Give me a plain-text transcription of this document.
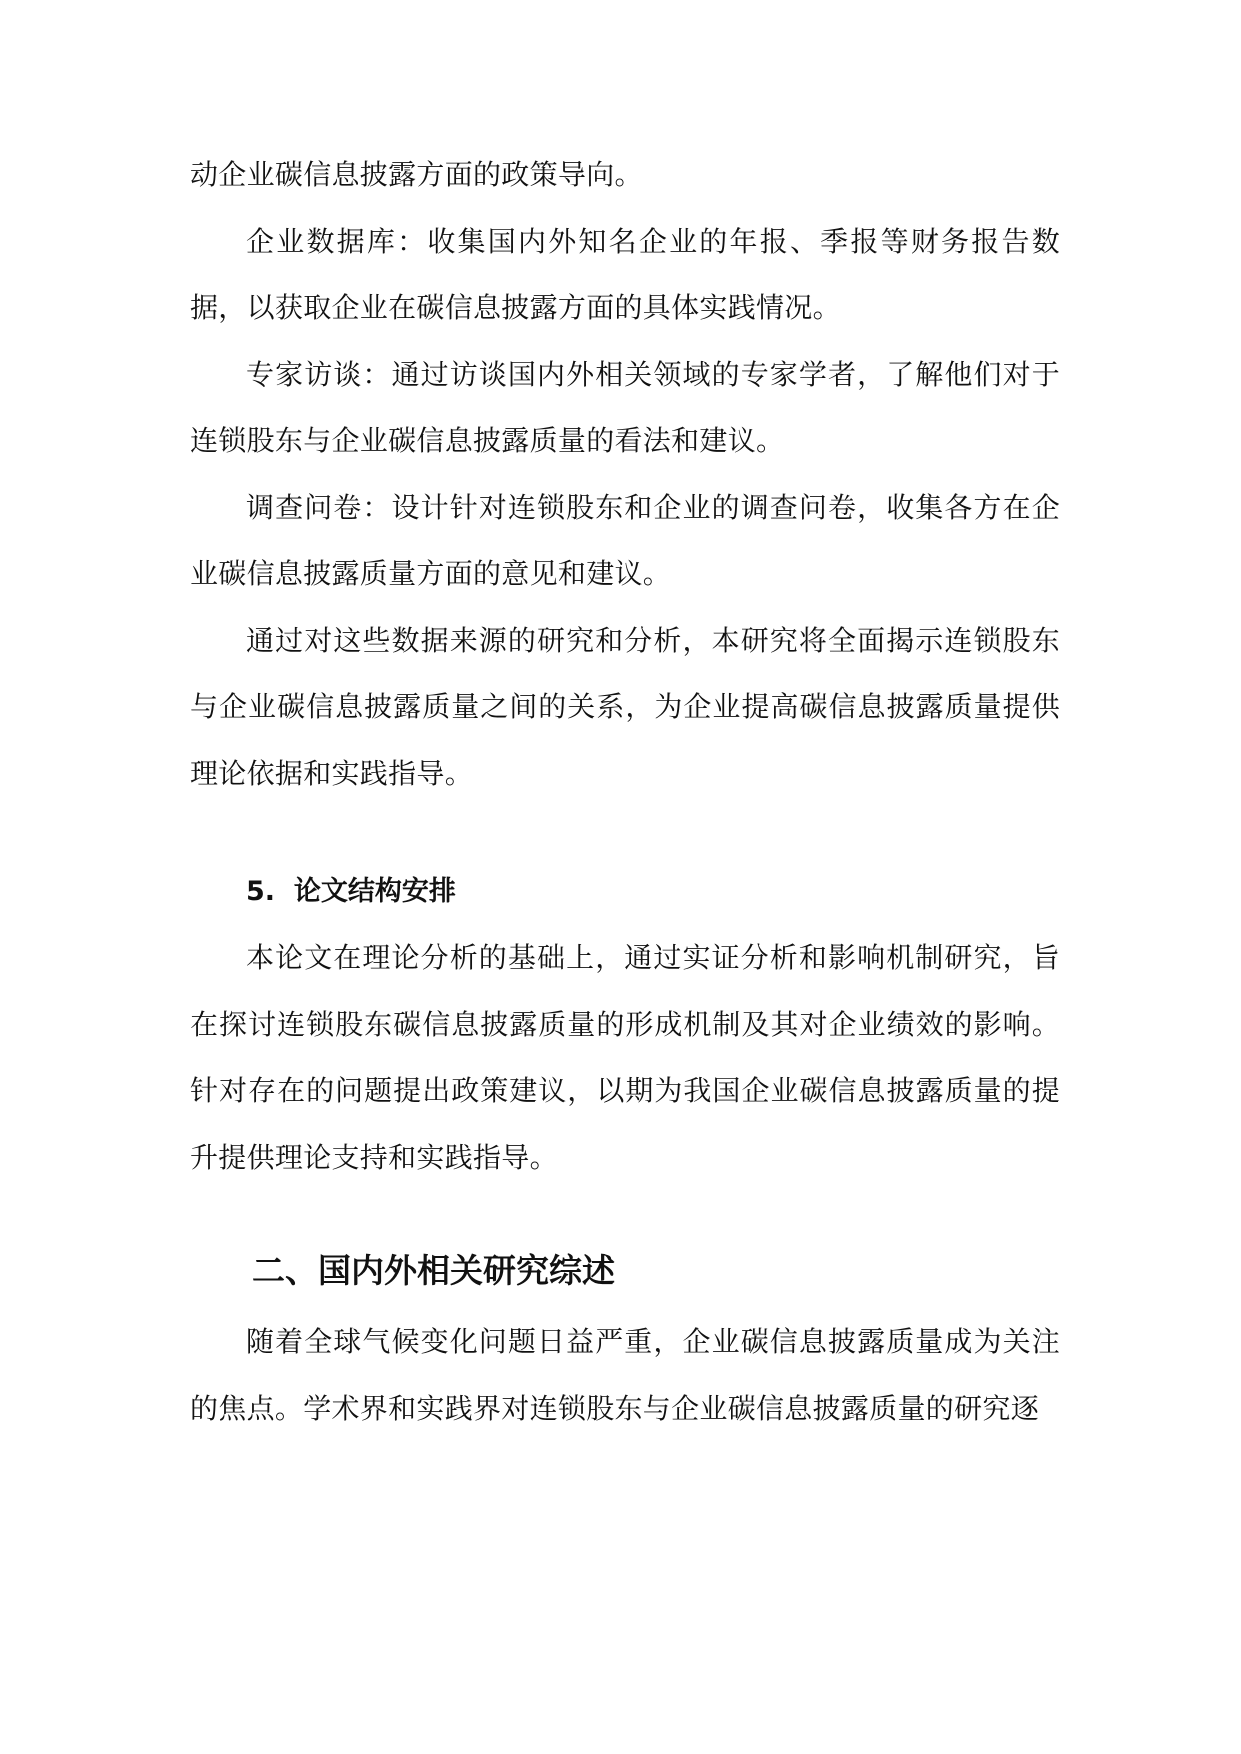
动企业碳信息披露方面的政策导向。

企业数据库：收集国内外知名企业的年报、季报等财务报告数据，以获取企业在碳信息披露方面的具体实践情况。

专家访谈：通过访谈国内外相关领域的专家学者，了解他们对于连锁股东与企业碳信息披露质量的看法和建议。

调查问卷：设计针对连锁股东和企业的调查问卷，收集各方在企业碳信息披露质量方面的意见和建议。

通过对这些数据来源的研究和分析，本研究将全面揭示连锁股东与企业碳信息披露质量之间的关系，为企业提高碳信息披露质量提供理论依据和实践指导。

5.  论文结构安排

本论文在理论分析的基础上，通过实证分析和影响机制研究，旨在探讨连锁股东碳信息披露质量的形成机制及其对企业绩效的影响。针对存在的问题提出政策建议，以期为我国企业碳信息披露质量的提升提供理论支持和实践指导。

二、国内外相关研究综述

随着全球气候变化问题日益严重，企业碳信息披露质量成为关注的焦点。学术界和实践界对连锁股东与企业碳信息披露质量的研究逐
